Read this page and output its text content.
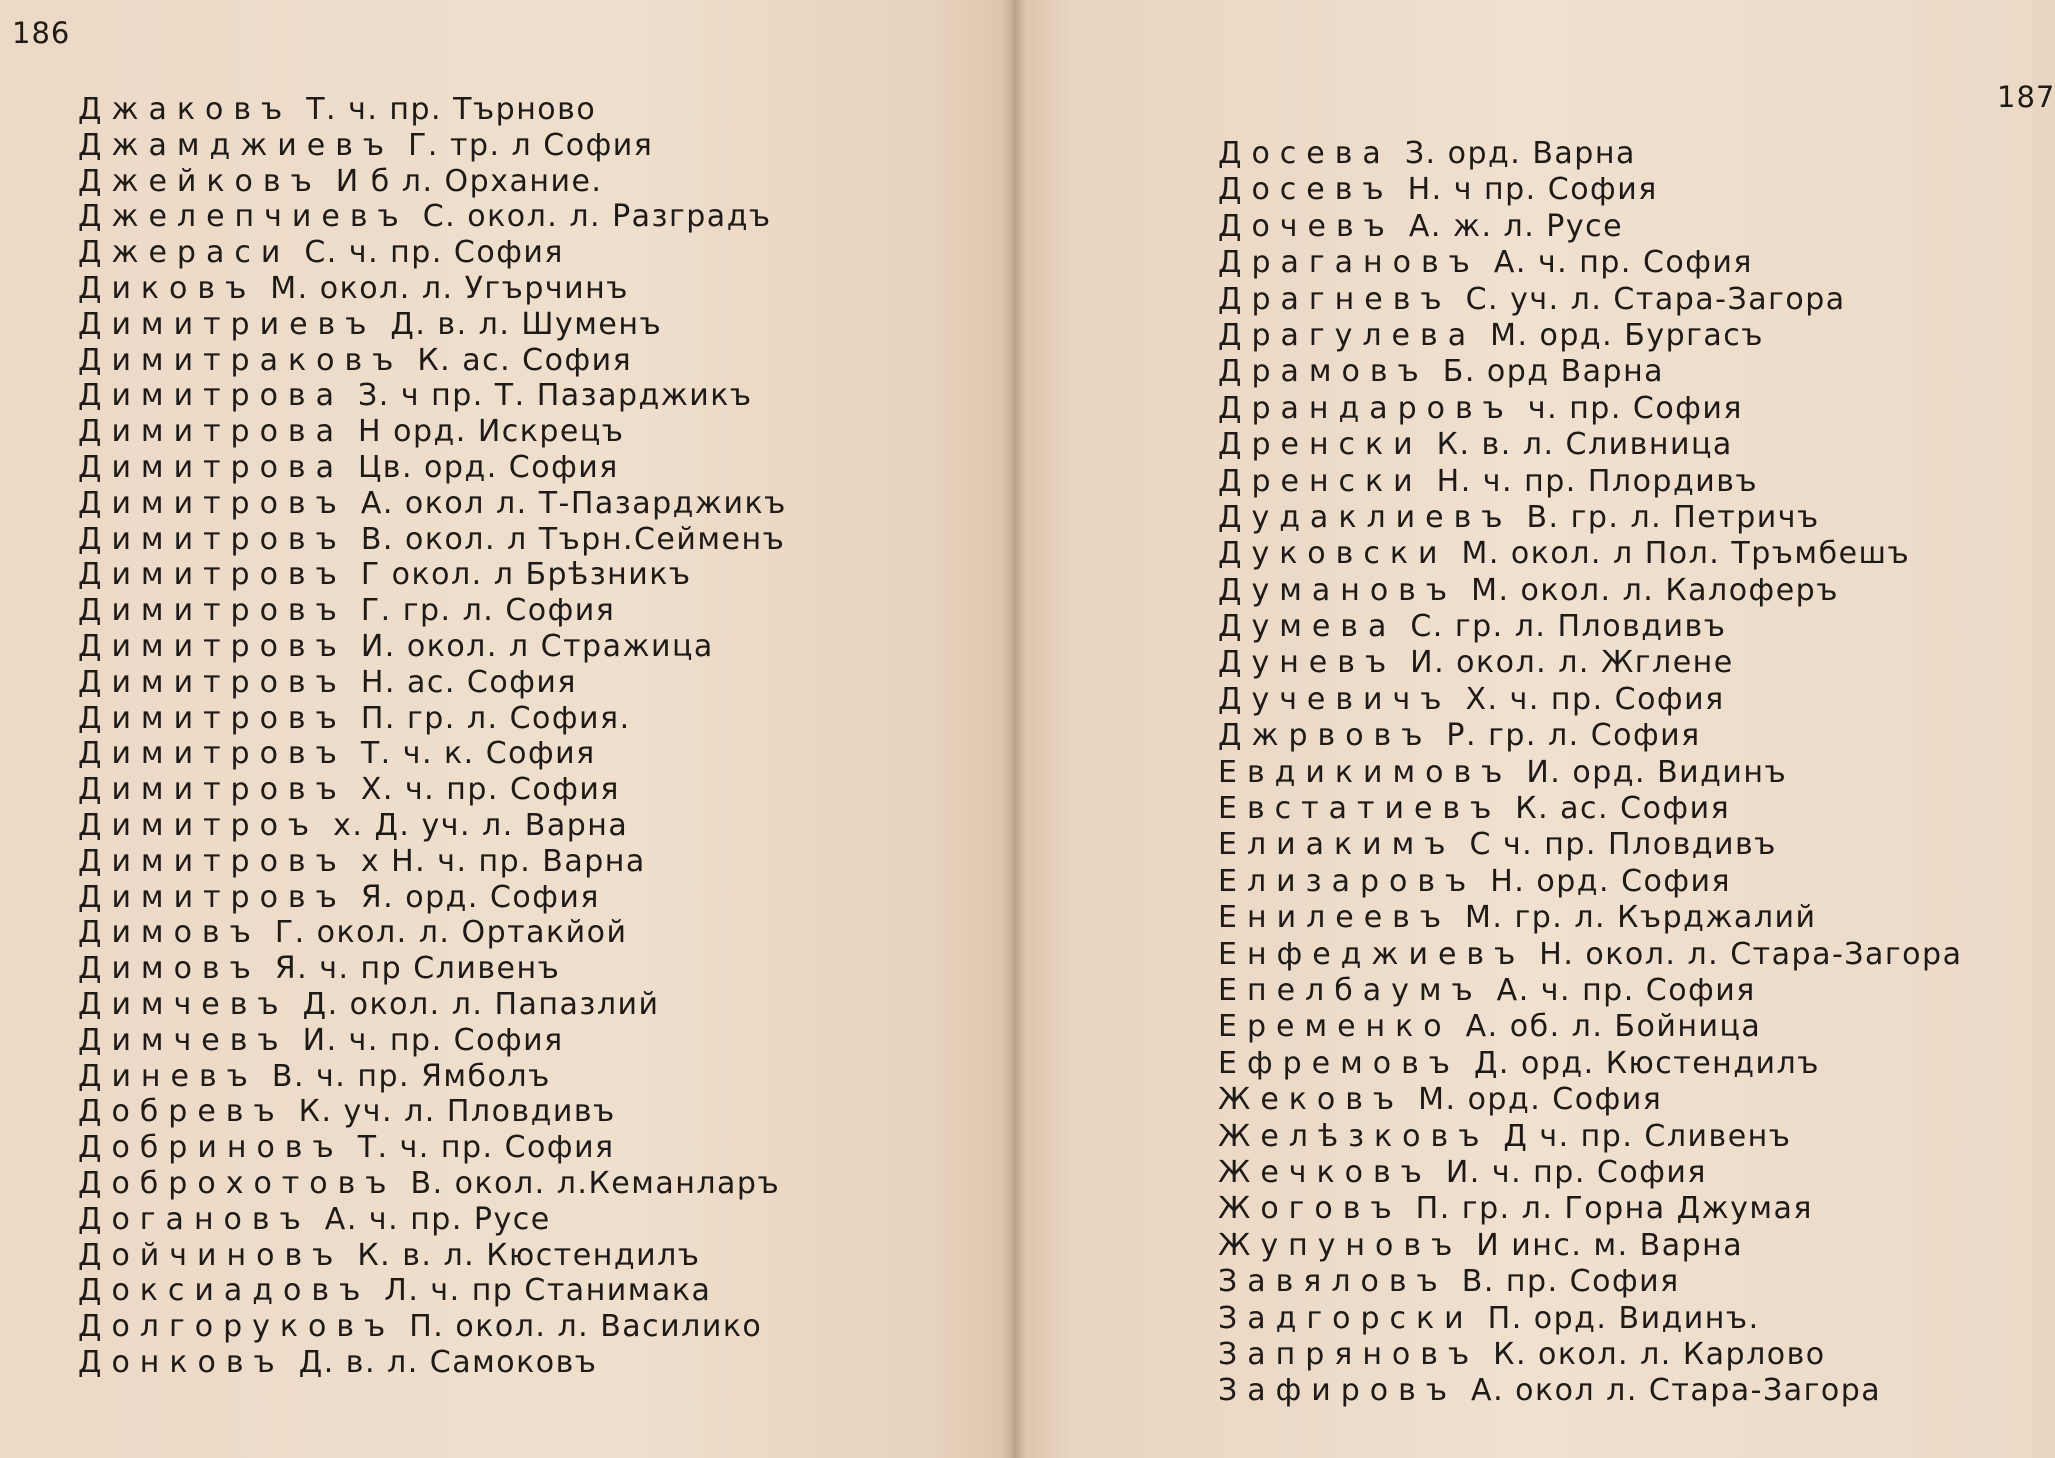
186
Джаковъ Т. ч. пр. Търново
Джамджиевъ Г. тр. л София
Джейковъ И б л. Орхание.
Джелепчиевъ С. окол. л. Разградъ
Джераси С. ч. пр. София
Диковъ М. окол. л. Угърчинъ
Димитриевъ Д. в. л. Шуменъ
Димитраковъ К. ас. София
Димитрова З. ч пр. Т. Пазарджикъ
Димитрова Н орд. Искрецъ
Димитрова Цв. орд. София
Димитровъ А. окол л. Т-Пазарджикъ
Димитровъ В. окол. л Търн.Сейменъ
Димитровъ Г окол. л Брѣзникъ
Димитровъ Г. гр. л. София
Димитровъ И. окол. л Стражица
Димитровъ Н. ас. София
Димитровъ П. гр. л. София.
Димитровъ Т. ч. к. София
Димитровъ Х. ч. пр. София
Димитроъ х. Д. уч. л. Варна
Димитровъ х Н. ч. пр. Варна
Димитровъ Я. орд. София
Димовъ Г. окол. л. Ортакйой
Димовъ Я. ч. пр Сливенъ
Димчевъ Д. окол. л. Папазлий
Димчевъ И. ч. пр. София
Диневъ В. ч. пр. Ямболъ
Добревъ К. уч. л. Пловдивъ
Добриновъ Т. ч. пр. София
Доброхотовъ В. окол. л.Кеманларъ
Догановъ А. ч. пр. Русе
Дойчиновъ К. в. л. Кюстендилъ
Доксиадовъ Л. ч. пр Станимака
Долгоруковъ П. окол. л. Василико
Донковъ Д. в. л. Самоковъ
Досева З. орд. Варна
Досевъ Н. ч пр. София
Дочевъ А. ж. л. Русе
Драгановъ А. ч. пр. София
Драгневъ С. уч. л. Стара-Загора
Драгулева М. орд. Бургасъ
Драмовъ Б. орд Варна
Драндаровъ ч. пр. София
Дренски К. в. л. Сливница
Дренски Н. ч. пр. Плордивъ
Дудаклиевъ В. гр. л. Петричъ
Дуковски М. окол. л Пол. Тръмбешъ
Думановъ М. окол. л. Калоферъ
Думева С. гр. л. Пловдивъ
Дуневъ И. окол. л. Жглене
Дучевичъ Х. ч. пр. София
Джрвовъ Р. гр. л. София
Евдикимовъ И. орд. Видинъ
Евстатиевъ К. ас. София
Елиакимъ С ч. пр. Пловдивъ
Елизаровъ Н. орд. София
Енилеевъ М. гр. л. Кърджалий
Енфеджиевъ Н. окол. л. Стара-Загора
Епелбаумъ А. ч. пр. София
Еременко А. об. л. Бойница
Ефремовъ Д. орд. Кюстендилъ
Жековъ М. орд. София
Желѣзковъ Д ч. пр. Сливенъ
Жечковъ И. ч. пр. София
Жоговъ П. гр. л. Горна Джумая
Жупуновъ И инс. м. Варна
Завяловъ В. пр. София
Задгорски П. орд. Видинъ.
Запряновъ К. окол. л. Карлово
Зафировъ А. окол л. Стара-Загора
187
